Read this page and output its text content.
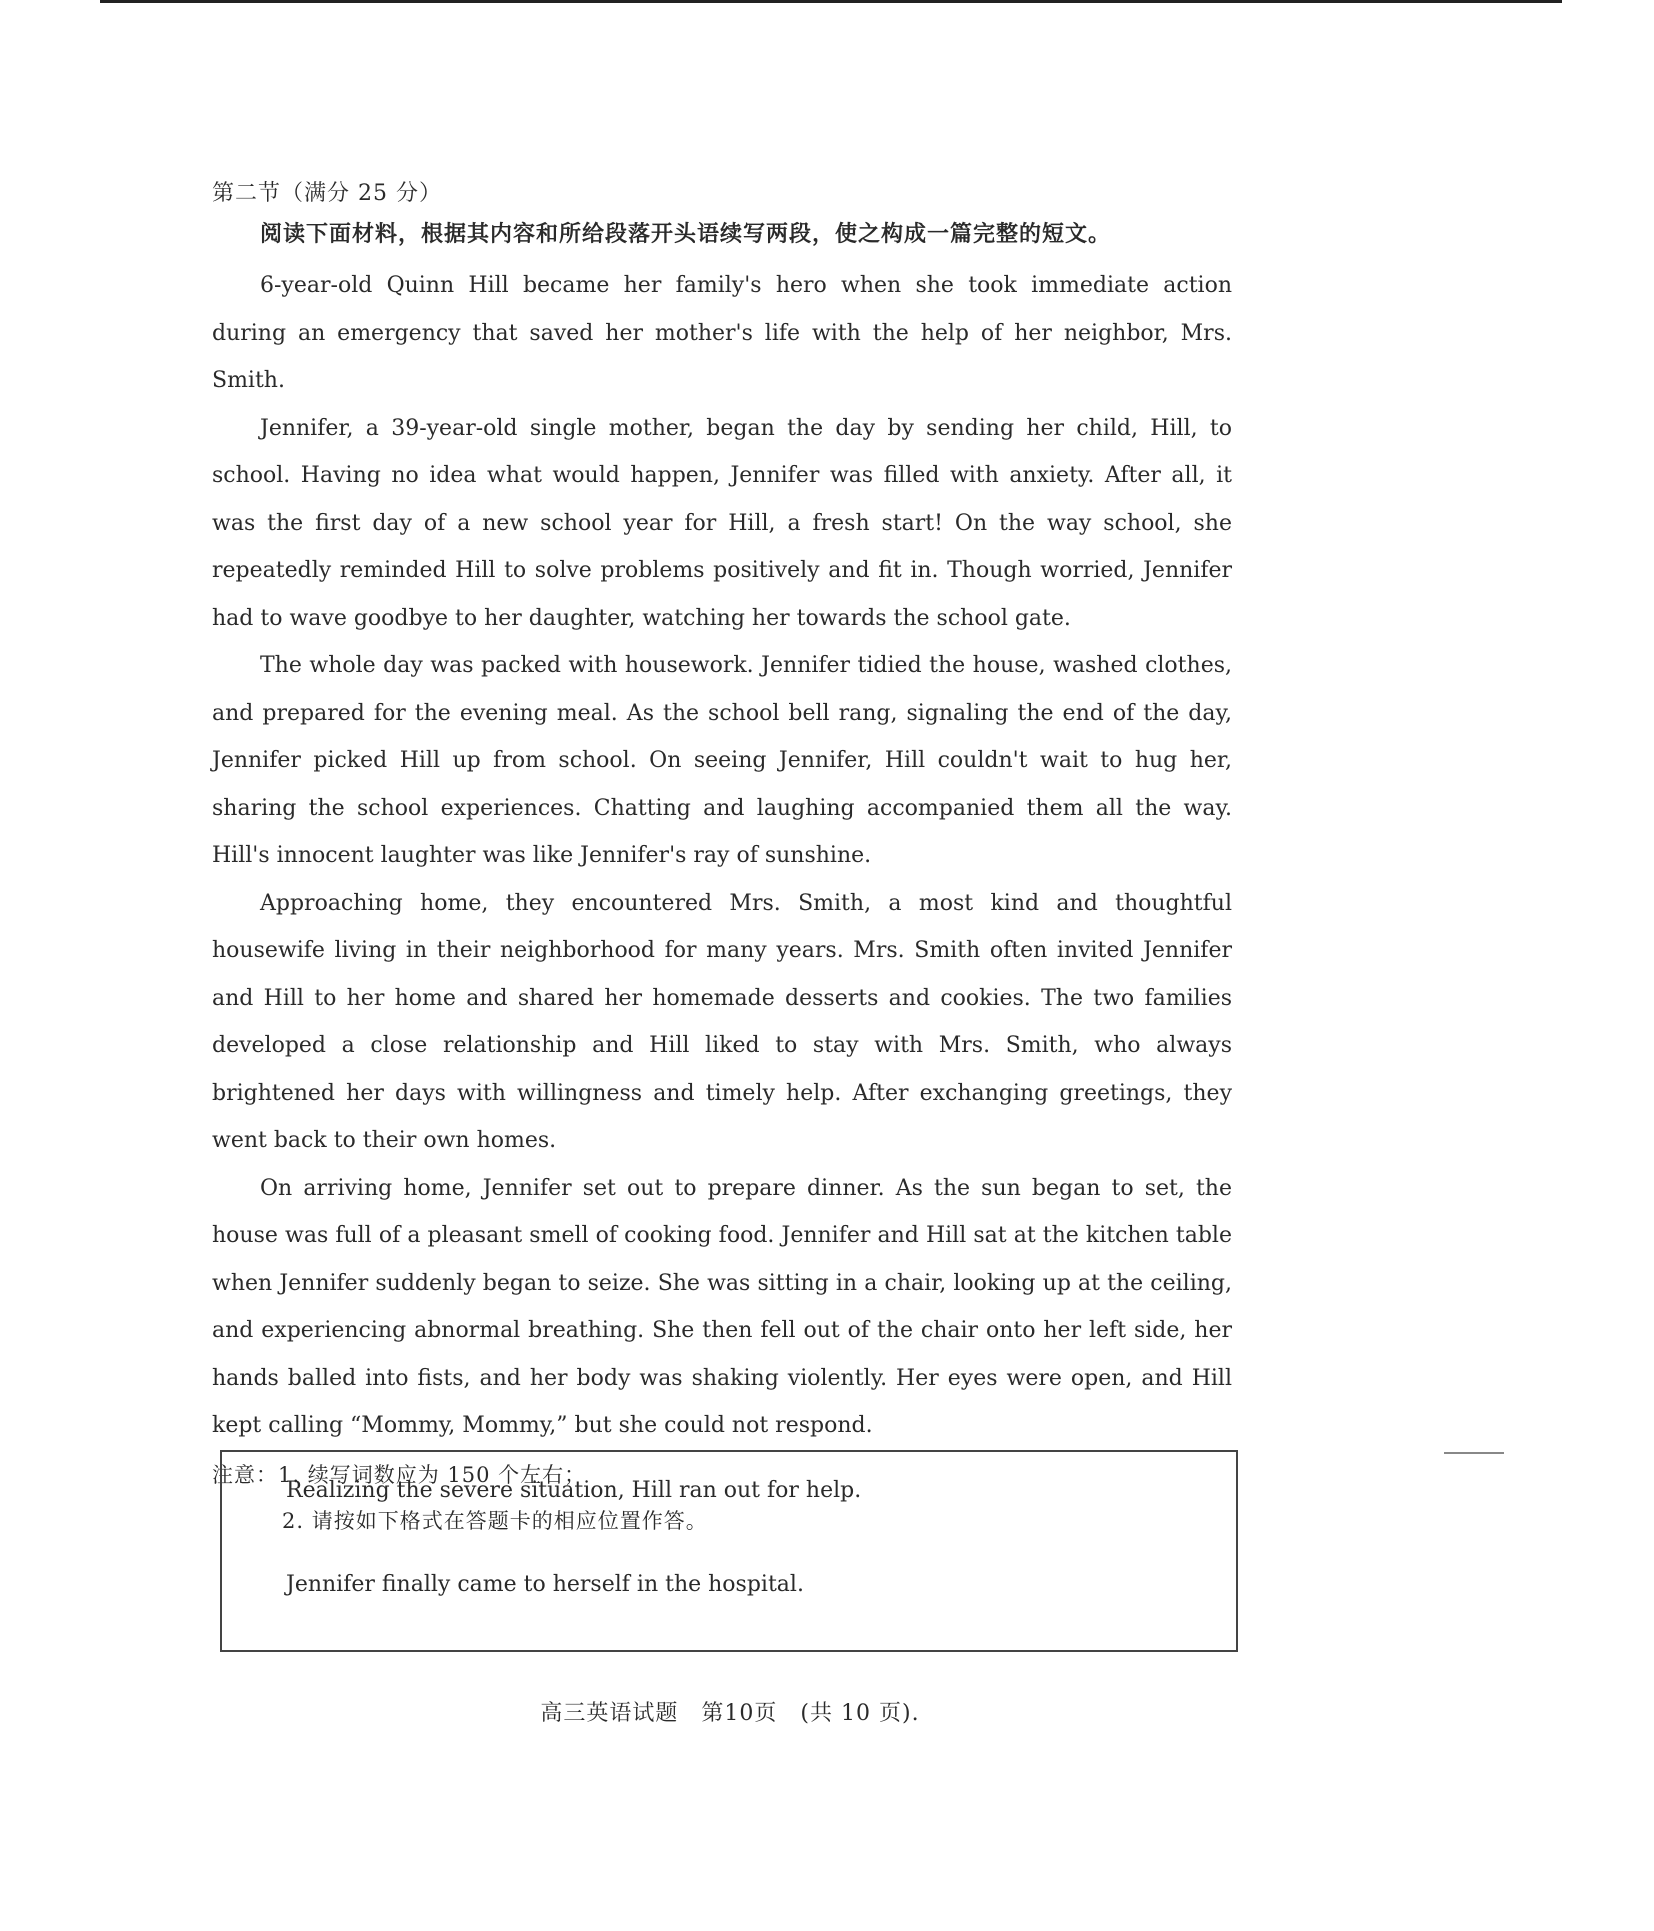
第二节（满分 25 分）

阅读下面材料，根据其内容和所给段落开头语续写两段，使之构成一篇完整的短文。

6-year-old Quinn Hill became her family's hero when she took immediate action during an emergency that saved her mother's life with the help of her neighbor, Mrs. Smith.

Jennifer, a 39-year-old single mother, began the day by sending her child, Hill, to school. Having no idea what would happen, Jennifer was filled with anxiety. After all, it was the first day of a new school year for Hill, a fresh start! On the way school, she repeatedly reminded Hill to solve problems positively and fit in. Though worried, Jennifer had to wave goodbye to her daughter, watching her towards the school gate.

The whole day was packed with housework. Jennifer tidied the house, washed clothes, and prepared for the evening meal. As the school bell rang, signaling the end of the day, Jennifer picked Hill up from school. On seeing Jennifer, Hill couldn't wait to hug her, sharing the school experiences. Chatting and laughing accompanied them all the way. Hill's innocent laughter was like Jennifer's ray of sunshine.

Approaching home, they encountered Mrs. Smith, a most kind and thoughtful housewife living in their neighborhood for many years. Mrs. Smith often invited Jennifer and Hill to her home and shared her homemade desserts and cookies. The two families developed a close relationship and Hill liked to stay with Mrs. Smith, who always brightened her days with willingness and timely help. After exchanging greetings, they went back to their own homes.

On arriving home, Jennifer set out to prepare dinner. As the sun began to set, the house was full of a pleasant smell of cooking food. Jennifer and Hill sat at the kitchen table when Jennifer suddenly began to seize. She was sitting in a chair, looking up at the ceiling, and experiencing abnormal breathing. She then fell out of the chair onto her left side, her hands balled into fists, and her body was shaking violently. Her eyes were open, and Hill kept calling “Mommy, Mommy,” but she could not respond.

注意：1. 续写词数应为 150 个左右；

2. 请按如下格式在答题卡的相应位置作答。

Realizing the severe situation, Hill ran out for help.

Jennifer finally came to herself in the hospital.

高三英语试题　第10页　(共 10 页).
